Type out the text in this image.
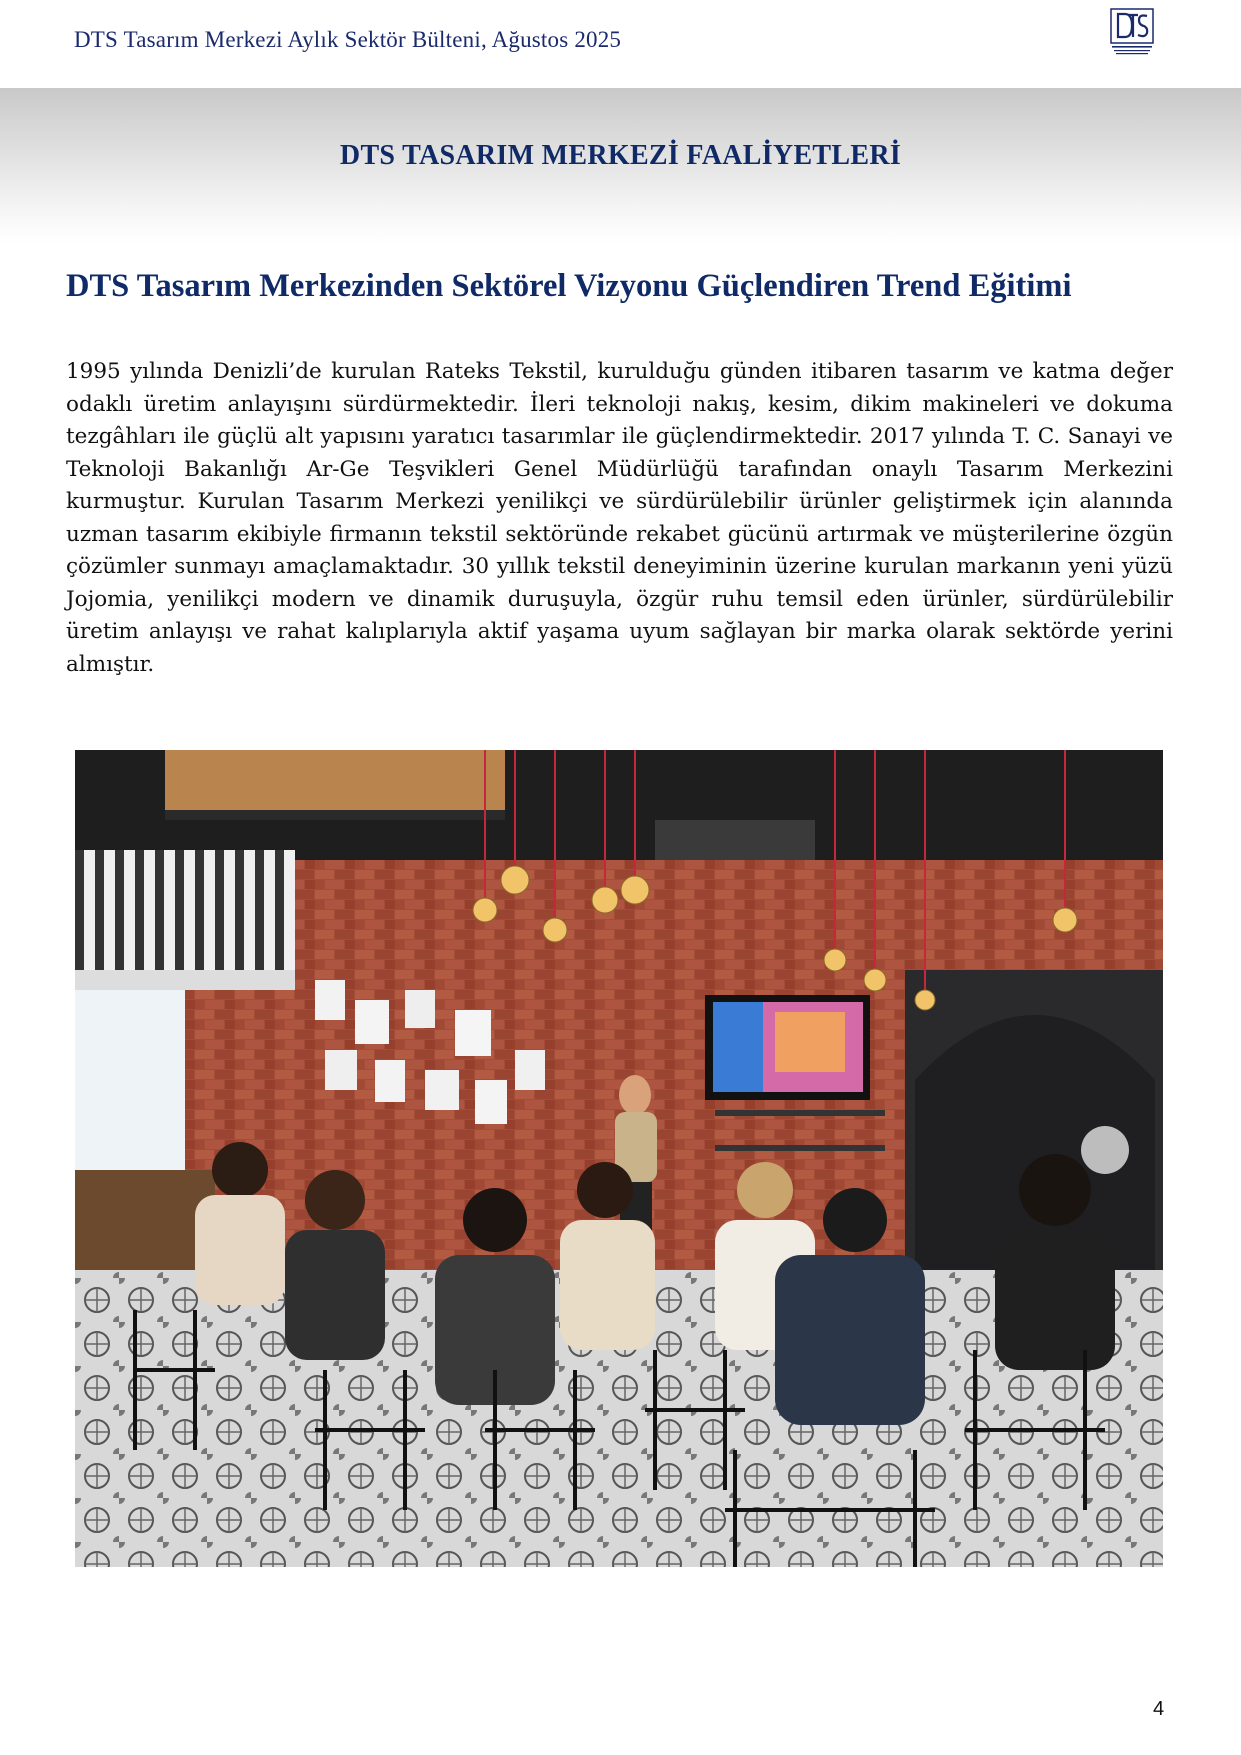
DTS Tasarım Merkezi Aylık Sektör Bülteni, Ağustos 2025
DTS TASARIM MERKEZİ FAALİYETLERİ
DTS Tasarım Merkezinden Sektörel Vizyonu Güçlendiren Trend Eğitimi
1995 yılında Denizli’de kurulan Rateks Tekstil, kurulduğu günden itibaren tasarım ve katma değer odaklı üretim anlayışını sürdürmektedir. İleri teknoloji nakış, kesim, dikim makineleri ve dokuma tezgâhları ile güçlü alt yapısını yaratıcı tasarımlar ile güçlendirmektedir. 2017 yılında T. C. Sanayi ve Teknoloji Bakanlığı Ar-Ge Teşvikleri Genel Müdürlüğü tarafından onaylı Tasarım Merkezini kurmuştur. Kurulan Tasarım Merkezi yenilikçi ve sürdürülebilir ürünler geliştirmek için alanında uzman tasarım ekibiyle firmanın tekstil sektöründe rekabet gücünü artırmak ve müşterilerine özgün çözümler sunmayı amaçlamaktadır. 30 yıllık tekstil deneyiminin üzerine kurulan markanın yeni yüzü Jojomia, yenilikçi modern ve dinamik duruşuyla, özgür ruhu temsil eden ürünler, sürdürülebilir üretim anlayışı ve rahat kalıplarıyla aktif yaşama uyum sağlayan bir marka olarak sektörde yerini almıştır.
4
